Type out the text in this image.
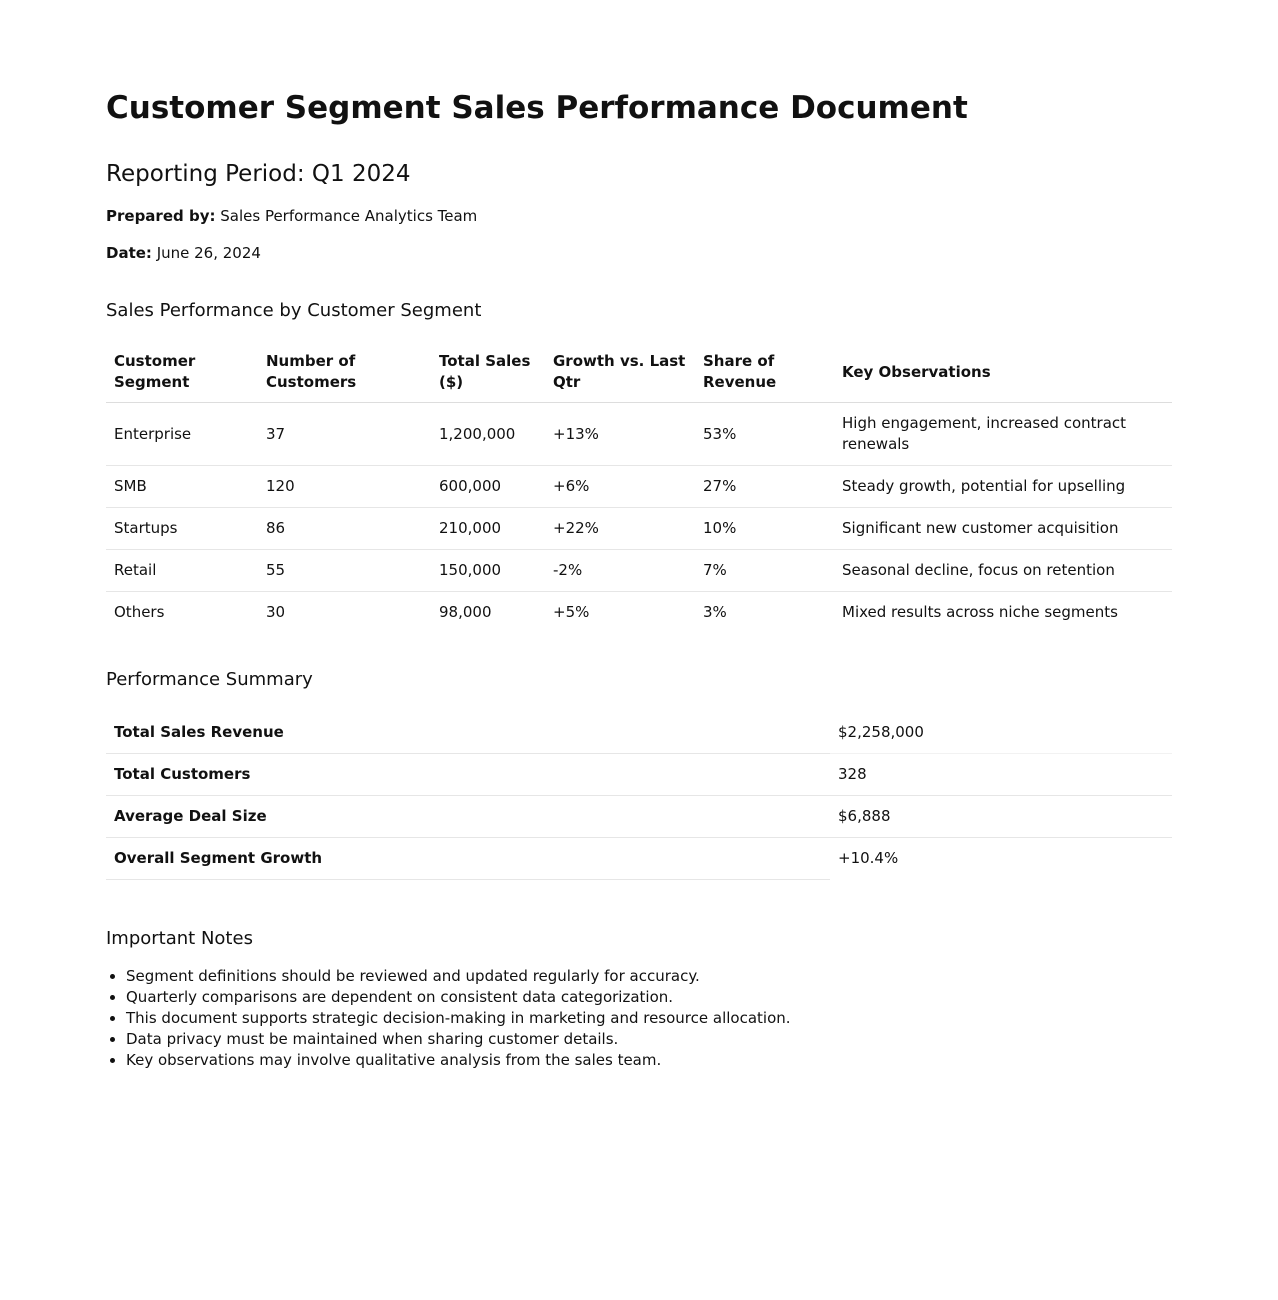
Customer Segment Sales Performance Document
Reporting Period: Q1 2024

Prepared by: Sales Performance Analytics Team

Date: June 26, 2024

Sales Performance by Customer Segment
Customer Segment	Number of Customers	Total Sales ($)	Growth vs. Last Qtr	Share of Revenue	Key Observations
Enterprise	37	1,200,000	+13%	53%	High engagement, increased contract renewals
SMB	120	600,000	+6%	27%	Steady growth, potential for upselling
Startups	86	210,000	+22%	10%	Significant new customer acquisition
Retail	55	150,000	-2%	7%	Seasonal decline, focus on retention
Others	30	98,000	+5%	3%	Mixed results across niche segments
Performance Summary
Total Sales Revenue	$2,258,000
Total Customers	328
Average Deal Size	$6,888
Overall Segment Growth	+10.4%
Important Notes
• Segment definitions should be reviewed and updated regularly for accuracy.
• Quarterly comparisons are dependent on consistent data categorization.
• This document supports strategic decision-making in marketing and resource allocation.
• Data privacy must be maintained when sharing customer details.
• Key observations may involve qualitative analysis from the sales team.
